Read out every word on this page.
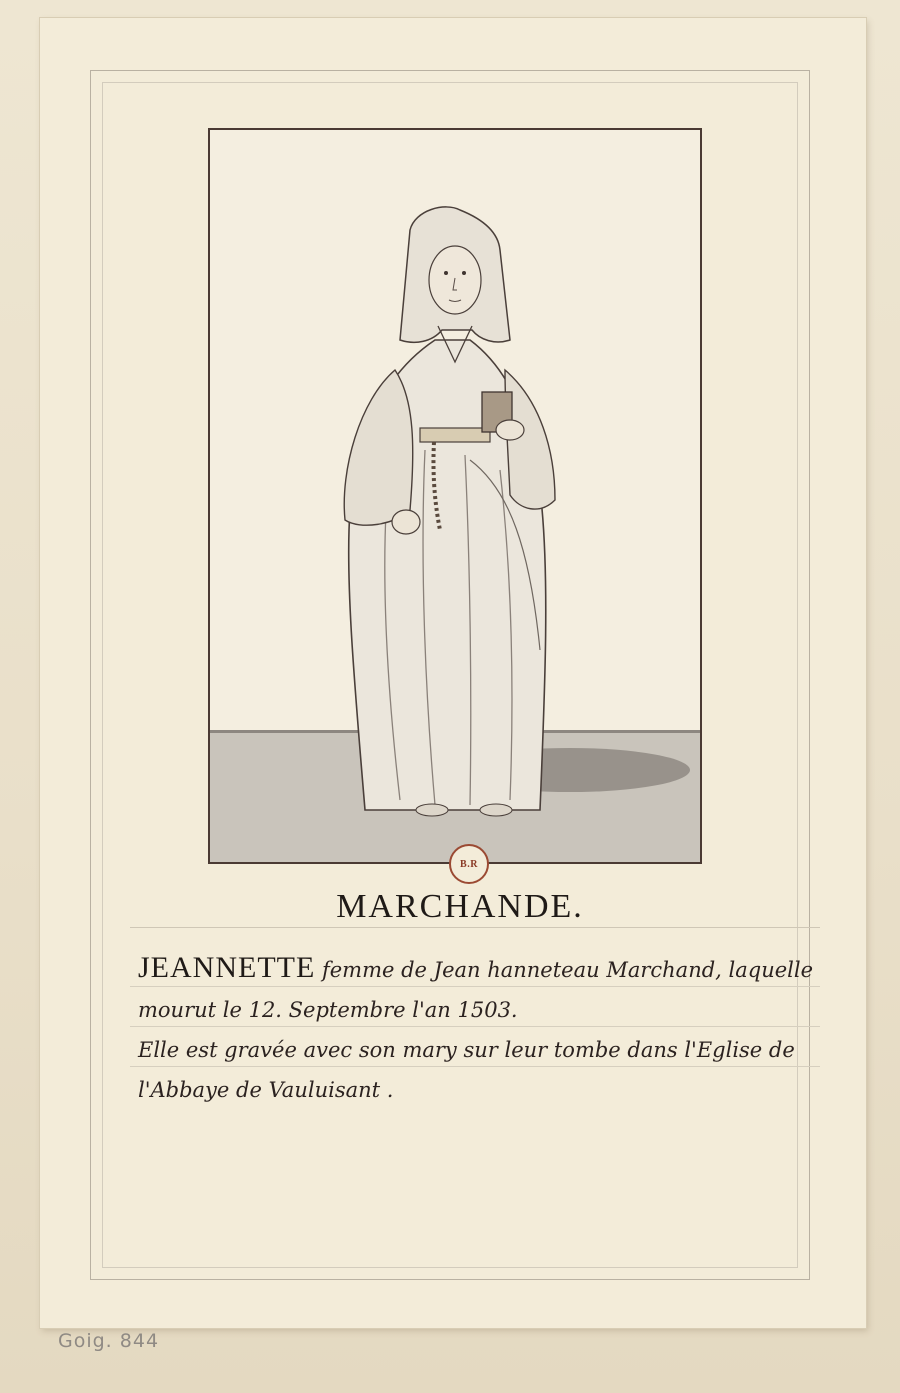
B.R
MARCHANDE.
JEANNETTE femme de Jean hanneteau Marchand, laquelle
mourut le 12. Septembre l'an 1503.
Elle est gravée avec son mary sur leur tombe dans l'Eglise de
l'Abbaye de Vauluisant .
Goig. 844
